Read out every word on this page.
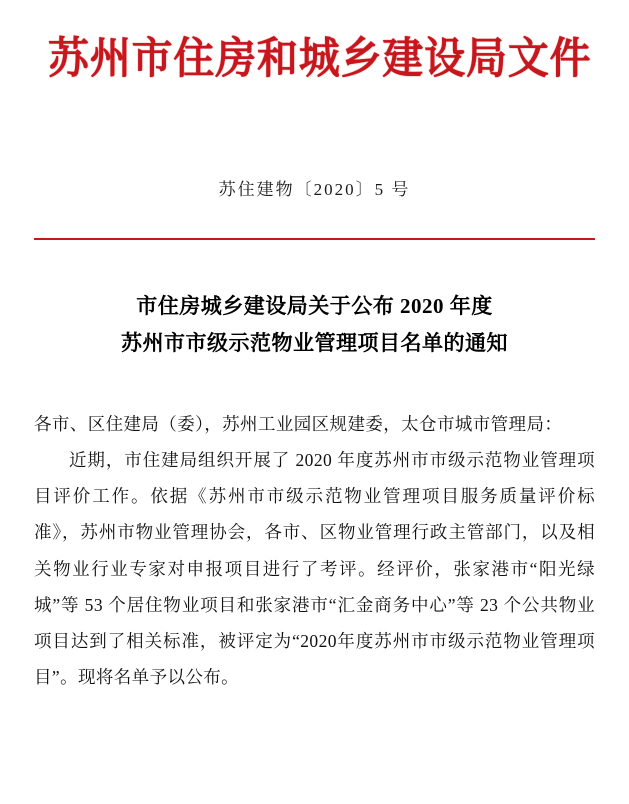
苏州市住房和城乡建设局文件
苏住建物〔2020〕5 号
市住房城乡建设局关于公布 2020 年度
苏州市市级示范物业管理项目名单的通知

各市、区住建局（委），苏州工业园区规建委，太仓市城市管理局：

近期，市住建局组织开展了 2020 年度苏州市市级示范物业管理项目评价工作。依据《苏州市市级示范物业管理项目服务质量评价标准》，苏州市物业管理协会，各市、区物业管理行政主管部门，以及相关物业行业专家对申报项目进行了考评。经评价，张家港市“阳光绿城”等 53 个居住物业项目和张家港市“汇金商务中心”等 23 个公共物业项目达到了相关标准，被评定为“2020年度苏州市市级示范物业管理项目”。现将名单予以公布。
